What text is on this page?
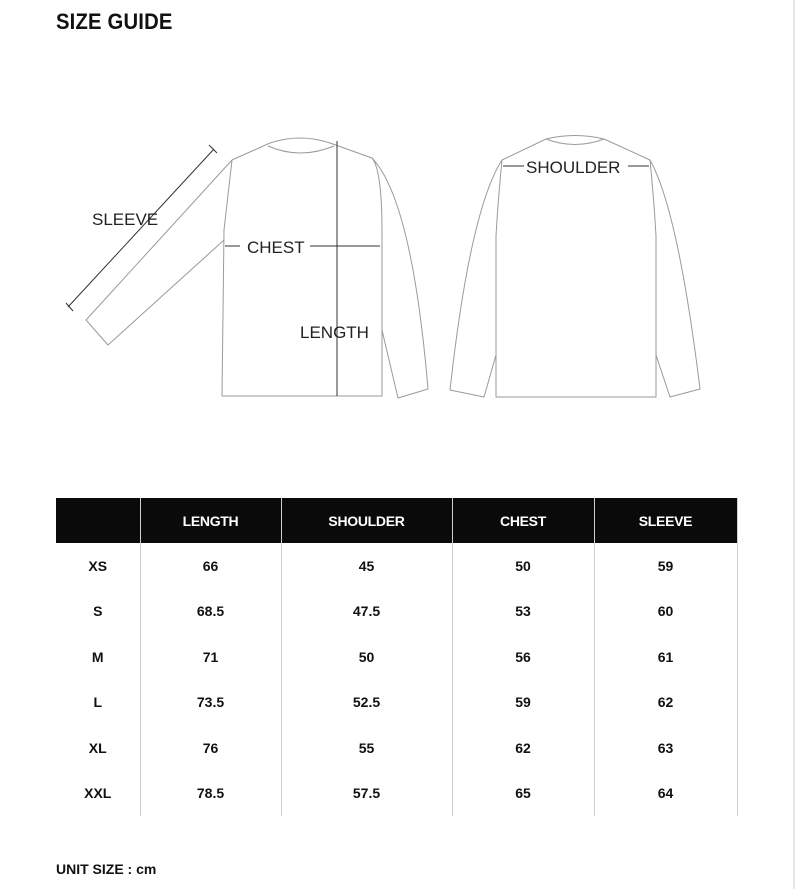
SIZE GUIDE
SLEEVE
CHEST
LENGTH
SHOULDER
	LENGTH	SHOULDER	CHEST	SLEEVE
XS	66	45	50	59
S	68.5	47.5	53	60
M	71	50	56	61
L	73.5	52.5	59	62
XL	76	55	62	63
XXL	78.5	57.5	65	64
UNIT SIZE : cm
